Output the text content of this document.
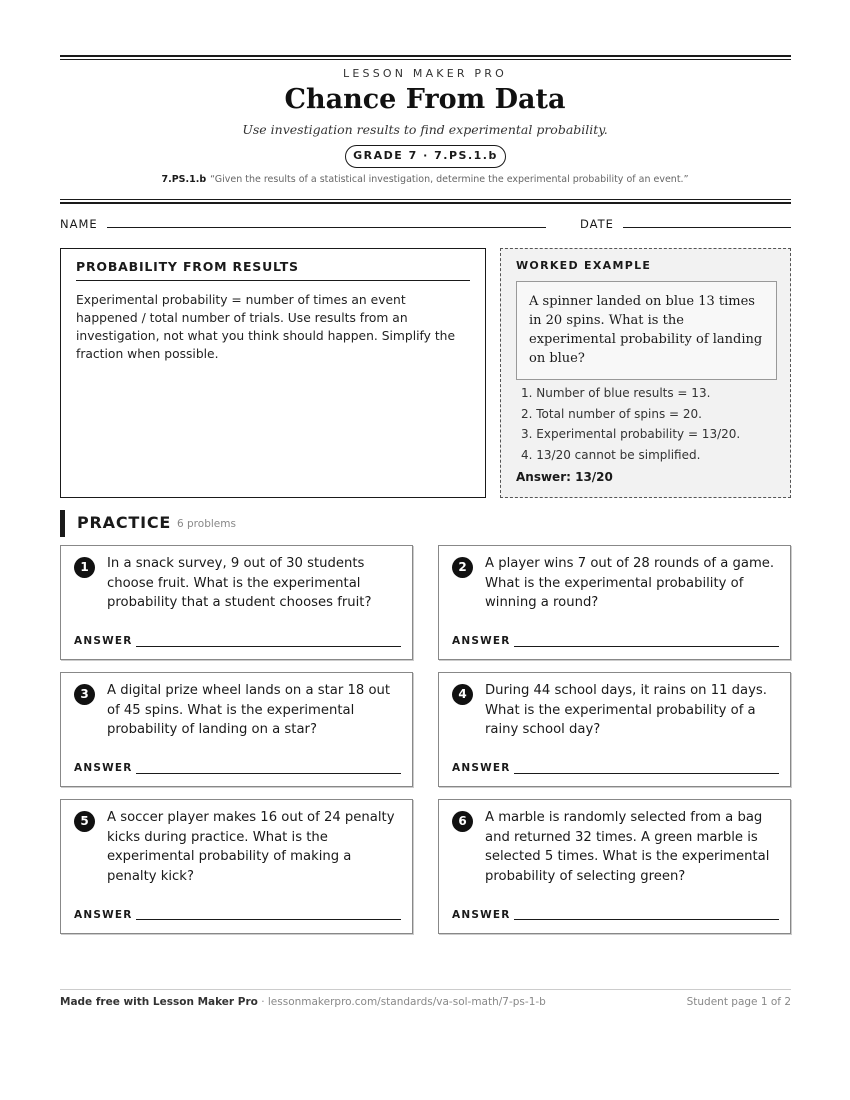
LESSON MAKER PRO
Chance From Data
Use investigation results to find experimental probability.
GRADE 7 · 7.PS.1.b
7.PS.1.b “Given the results of a statistical investigation, determine the experimental probability of an event.”
NAME	DATE
PROBABILITY FROM RESULTS
Experimental probability = number of times an event happened / total number of trials. Use results from an investigation, not what you think should happen. Simplify the fraction when possible.
WORKED EXAMPLE
A spinner landed on blue 13 times in 20 spins. What is the experimental probability of landing on blue?
1. Number of blue results = 13.
2. Total number of spins = 20.
3. Experimental probability = 13/20.
4. 13/20 cannot be simplified.
Answer: 13/20
PRACTICE 6 problems
1	In a snack survey, 9 out of 30 students choose fruit. What is the experimental probability that a student chooses fruit?
ANSWER
2	A player wins 7 out of 28 rounds of a game. What is the experimental probability of winning a round?
ANSWER
3	A digital prize wheel lands on a star 18 out of 45 spins. What is the experimental probability of landing on a star?
ANSWER
4	During 44 school days, it rains on 11 days. What is the experimental probability of a rainy school day?
ANSWER
5	A soccer player makes 16 out of 24 penalty kicks during practice. What is the experimental probability of making a penalty kick?
ANSWER
6	A marble is randomly selected from a bag and returned 32 times. A green marble is selected 5 times. What is the experimental probability of selecting green?
ANSWER
Made free with Lesson Maker Pro · lessonmakerpro.com/standards/va-sol-math/7-ps-1-b	Student page 1 of 2
